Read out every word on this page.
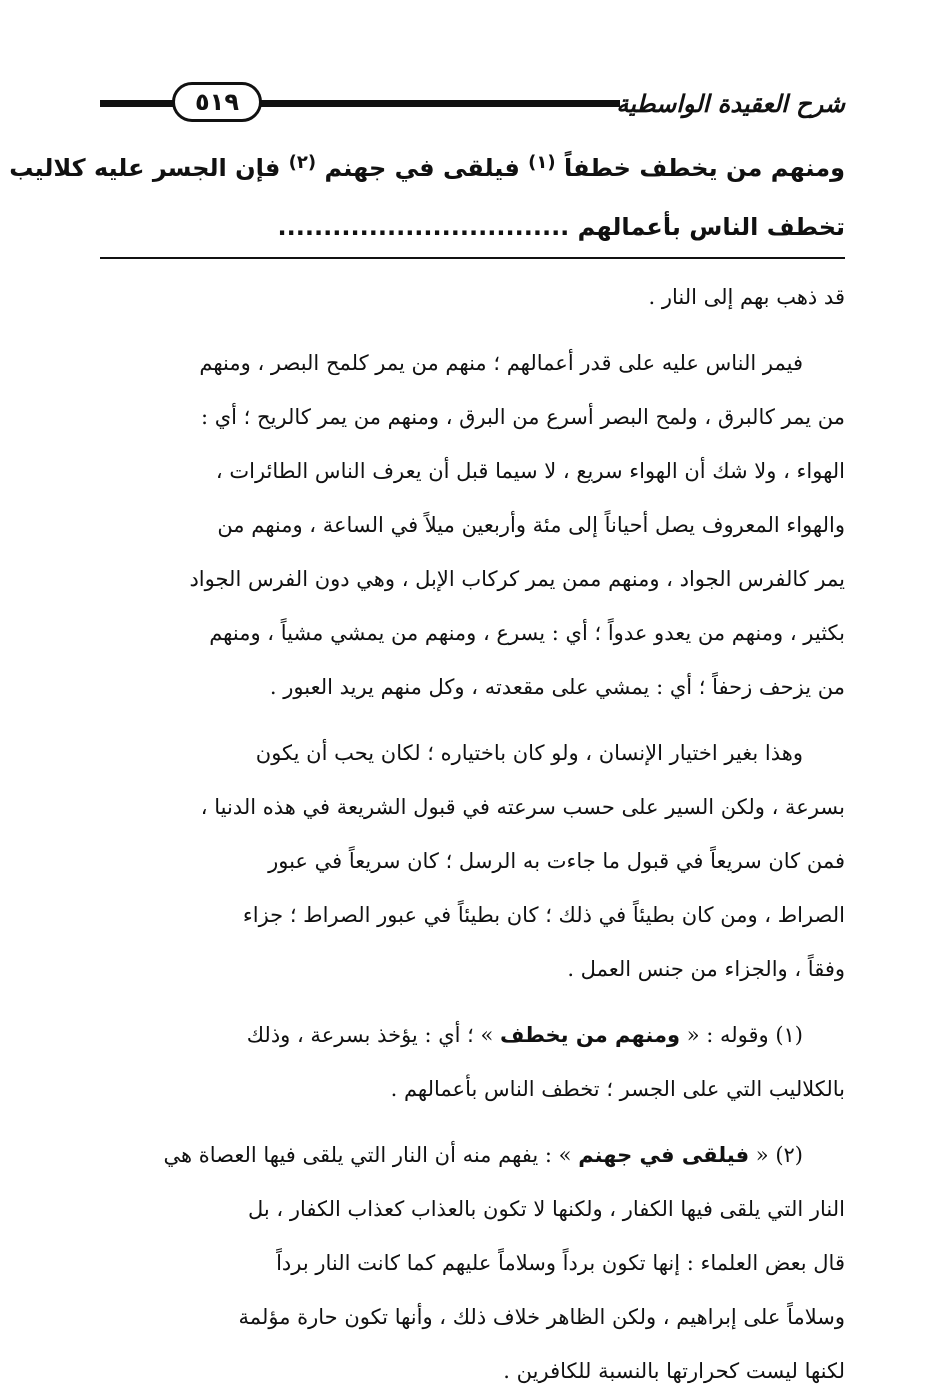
٥١٩	شرح العقيدة الواسطية
ومنهم من يخطف خطفاً $^{(١)}$ فيلقى في جهنم $^{(٢)}$ فإن الجسر عليه كلاليب
تخطف الناس بأعمالهم ................................
قد ذهب بهم إلى النار .
فيمر الناس عليه على قدر أعمالهم ؛ منهم من يمر كلمح البصر ، ومنهم
من يمر كالبرق ، ولمح البصر أسرع من البرق ، ومنهم من يمر كالريح ؛ أي :
الهواء ، ولا شك أن الهواء سريع ، لا سيما قبل أن يعرف الناس الطائرات ،
والهواء المعروف يصل أحياناً إلى مئة وأربعين ميلاً في الساعة ، ومنهم من
يمر كالفرس الجواد ، ومنهم ممن يمر كركاب الإبل ، وهي دون الفرس الجواد
بكثير ، ومنهم من يعدو عدواً ؛ أي : يسرع ، ومنهم من يمشي مشياً ، ومنهم
من يزحف زحفاً ؛ أي : يمشي على مقعدته ، وكل منهم يريد العبور .
وهذا بغير اختيار الإنسان ، ولو كان باختياره ؛ لكان يحب أن يكون
بسرعة ، ولكن السير على حسب سرعته في قبول الشريعة في هذه الدنيا ،
فمن كان سريعاً في قبول ما جاءت به الرسل ؛ كان سريعاً في عبور
الصراط ، ومن كان بطيئاً في ذلك ؛ كان بطيئاً في عبور الصراط ؛ جزاء
وفقاً ، والجزاء من جنس العمل .
(١) وقوله : « ومنهم من يخطف » ؛ أي : يؤخذ بسرعة ، وذلك
بالكلاليب التي على الجسر ؛ تخطف الناس بأعمالهم .
(٢) « فيلقى في جهنم » : يفهم منه أن النار التي يلقى فيها العصاة هي
النار التي يلقى فيها الكفار ، ولكنها لا تكون بالعذاب كعذاب الكفار ، بل
قال بعض العلماء : إنها تكون برداً وسلاماً عليهم كما كانت النار برداً
وسلاماً على إبراهيم ، ولكن الظاهر خلاف ذلك ، وأنها تكون حارة مؤلمة
لكنها ليست كحرارتها بالنسبة للكافرين .
